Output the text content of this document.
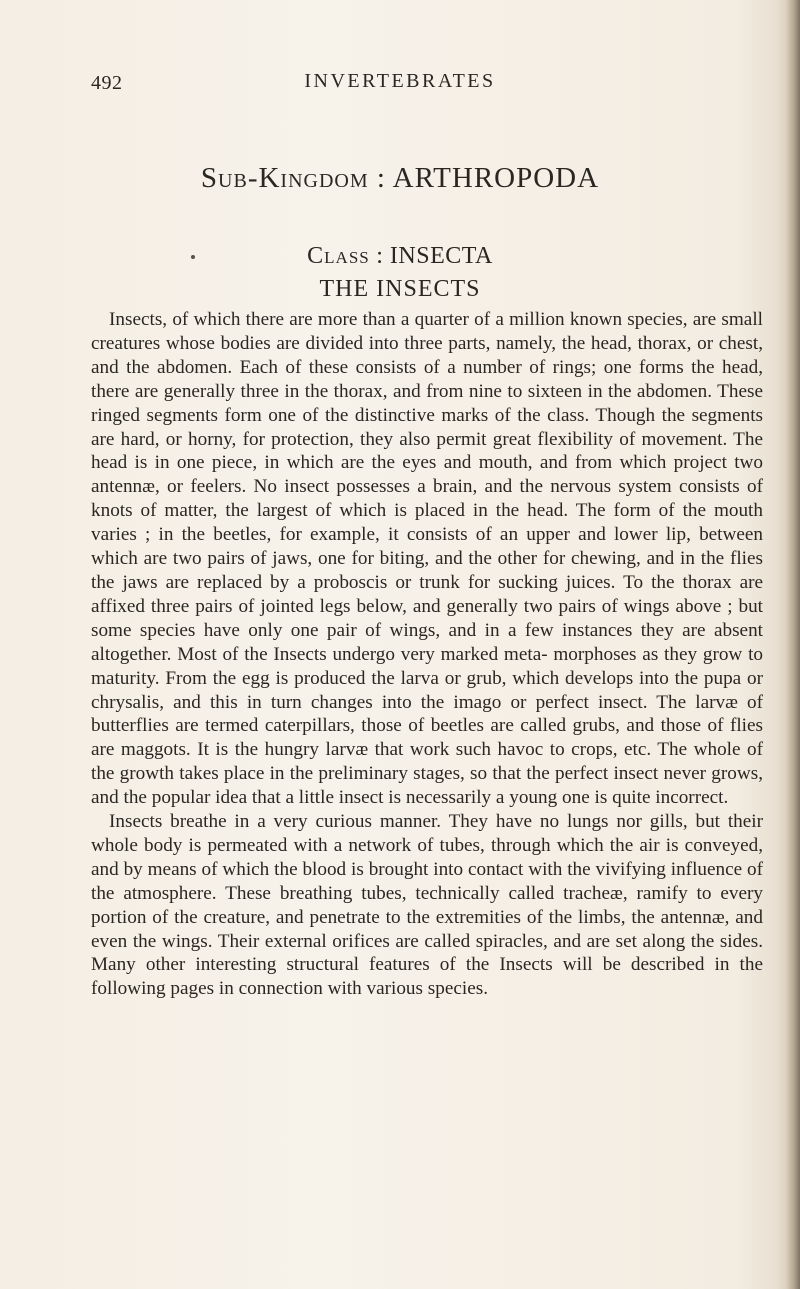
492	INVERTEBRATES
Sub-Kingdom : ARTHROPODA
Class : INSECTA
THE INSECTS

Insects, of which there are more than a quarter of a million known species, are small creatures whose bodies are divided into three parts, namely, the head, thorax, or chest, and the abdomen. Each of these consists of a number of rings; one forms the head, there are generally three in the thorax, and from nine to sixteen in the abdomen. These ringed segments form one of the distinctive marks of the class. Though the segments are hard, or horny, for protection, they also permit great flexibility of movement. The head is in one piece, in which are the eyes and mouth, and from which project two antennæ, or feelers. No insect possesses a brain, and the nervous system consists of knots of matter, the largest of which is placed in the head. The form of the mouth varies ; in the beetles, for example, it consists of an upper and lower lip, between which are two pairs of jaws, one for biting, and the other for chewing, and in the flies the jaws are replaced by a proboscis or trunk for sucking juices. To the thorax are affixed three pairs of jointed legs below, and generally two pairs of wings above ; but some species have only one pair of wings, and in a few instances they are absent altogether. Most of the Insects undergo very marked meta- morphoses as they grow to maturity. From the egg is produced the larva or grub, which develops into the pupa or chrysalis, and this in turn changes into the imago or perfect insect. The larvæ of butterflies are termed caterpillars, those of beetles are called grubs, and those of flies are maggots. It is the hungry larvæ that work such havoc to crops, etc. The whole of the growth takes place in the preliminary stages, so that the perfect insect never grows, and the popular idea that a little insect is necessarily a young one is quite incorrect.

Insects breathe in a very curious manner. They have no lungs nor gills, but their whole body is permeated with a network of tubes, through which the air is conveyed, and by means of which the blood is brought into contact with the vivifying influence of the atmosphere. These breathing tubes, technically called tracheæ, ramify to every portion of the creature, and penetrate to the extremities of the limbs, the antennæ, and even the wings. Their external orifices are called spiracles, and are set along the sides. Many other interesting structural features of the Insects will be described in the following pages in connection with various species.
